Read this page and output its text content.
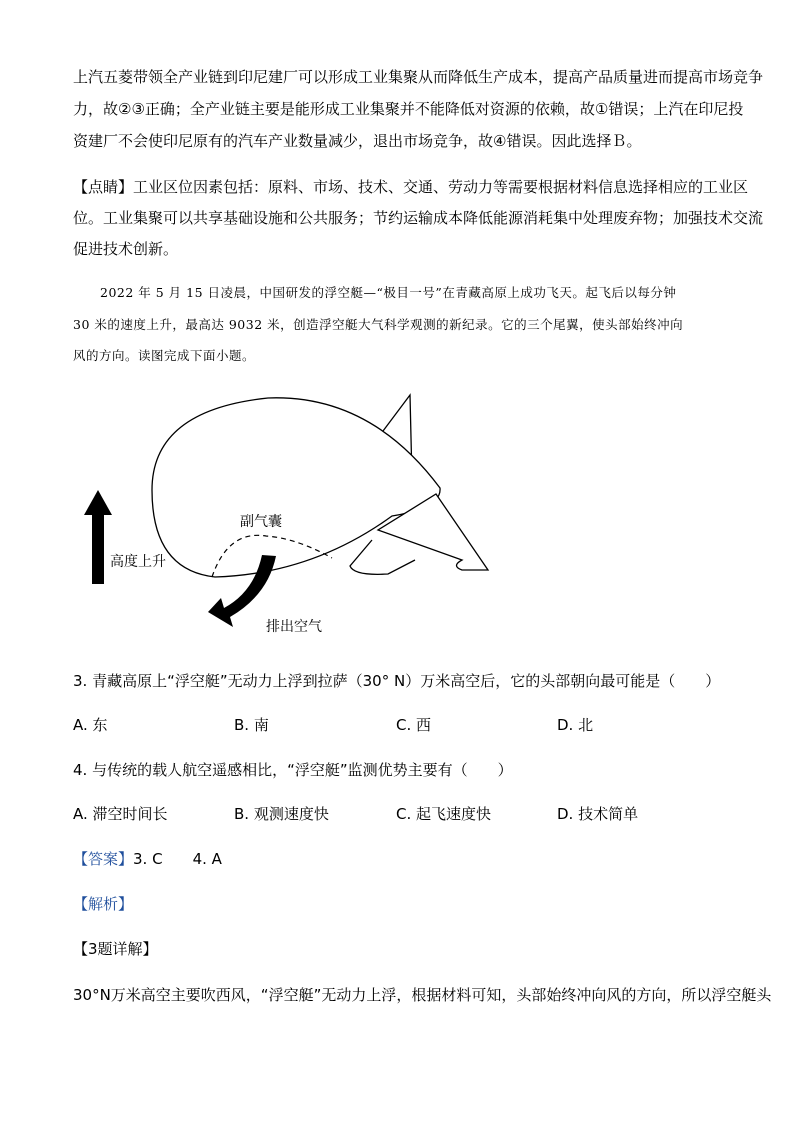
上汽五菱带领全产业链到印尼建厂可以形成工业集聚从而降低生产成本，提高产品质量进而提高市场竞争
力，故②③正确；全产业链主要是能形成工业集聚并不能降低对资源的依赖，故①错误；上汽在印尼投
资建厂不会使印尼原有的汽车产业数量减少，退出市场竞争，故④错误。因此选择Ｂ。
【点睛】工业区位因素包括：原料、市场、技术、交通、劳动力等需要根据材料信息选择相应的工业区
位。工业集聚可以共享基础设施和公共服务；节约运输成本降低能源消耗集中处理废弃物；加强技术交流
促进技术创新。
2022 年 5 月 15 日凌晨，中国研发的浮空艇—“极目一号”在青藏高原上成功飞天。起飞后以每分钟
30 米的速度上升，最高达 9032 米，创造浮空艇大气科学观测的新纪录。它的三个尾翼，使头部始终冲向
风的方向。读图完成下面小题。
副气囊
高度上升
排出空气
3. 青藏高原上“浮空艇”无动力上浮到拉萨（30° N）万米高空后，它的头部朝向最可能是（　　）
A. 东	B. 南	C. 西	D. 北
4. 与传统的载人航空遥感相比，“浮空艇”监测优势主要有（　　）
A. 滞空时间长	B. 观测速度快	C. 起飞速度快	D. 技术简单
【答案】3. C　　4. A
【解析】
【3题详解】
30°N万米高空主要吹西风，“浮空艇”无动力上浮，根据材料可知，头部始终冲向风的方向，所以浮空艇头
